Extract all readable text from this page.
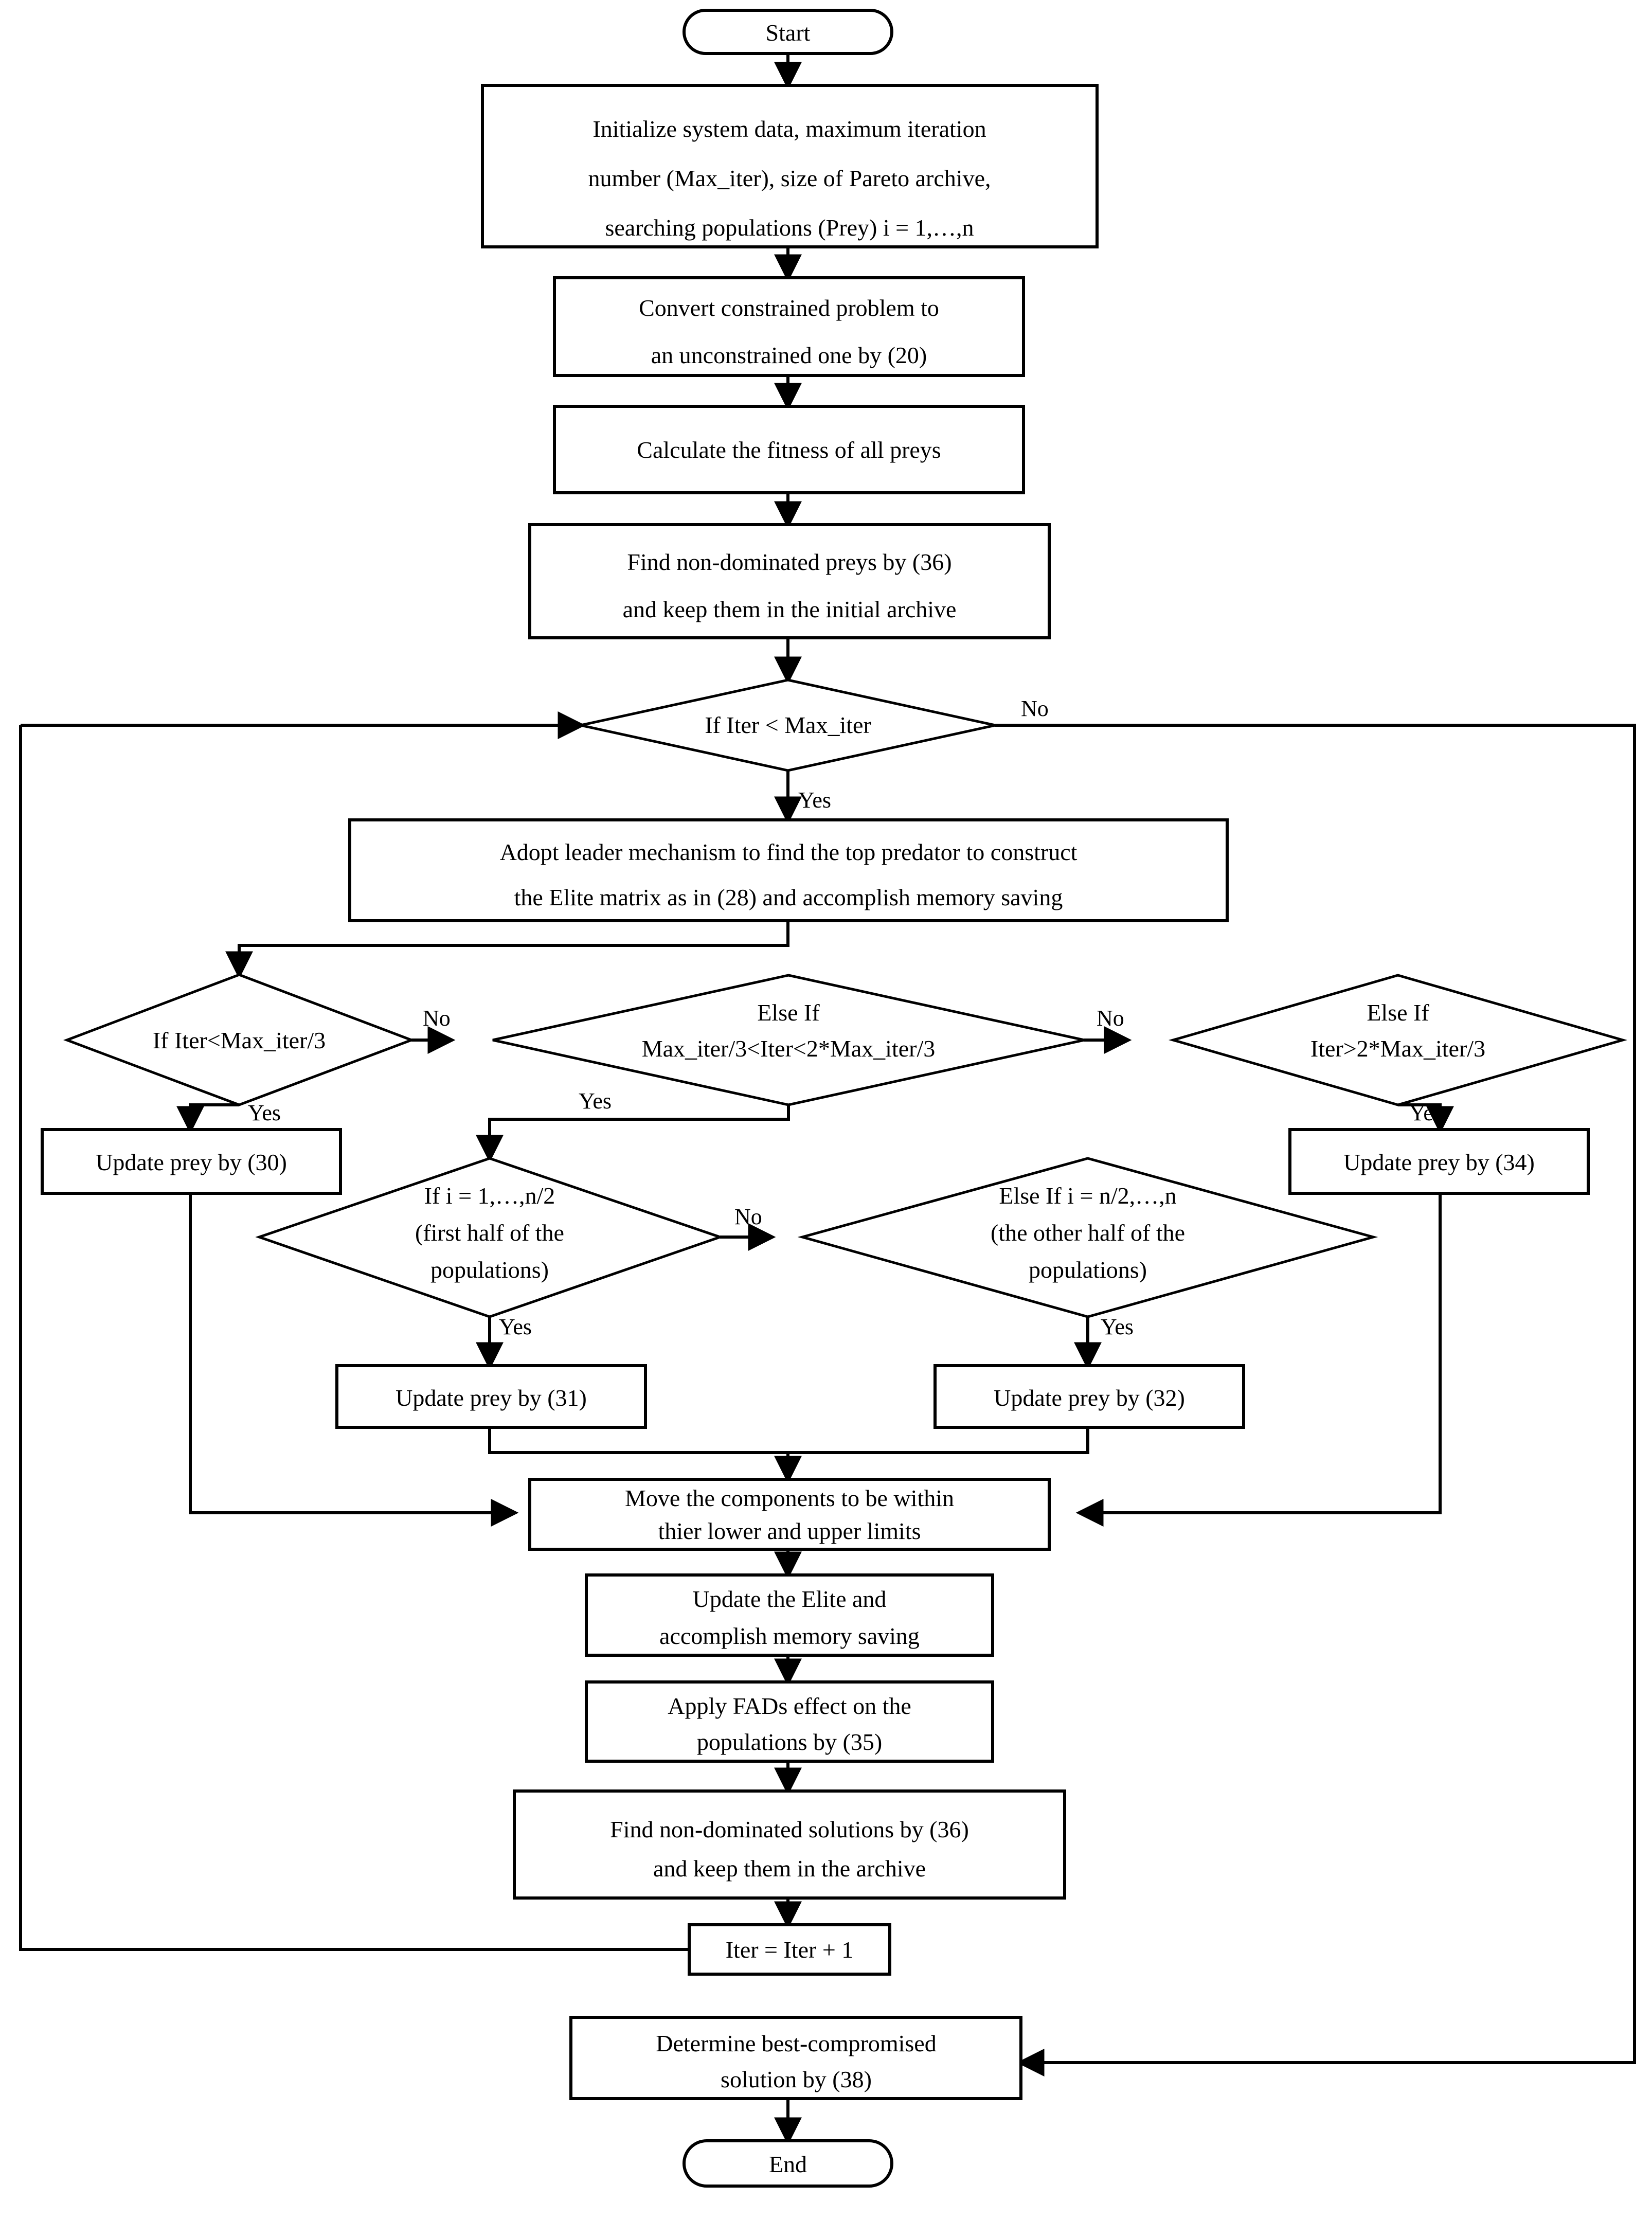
Start
Initialize system data, maximum iteration
number (Max_iter), size of Pareto archive,
searching populations (Prey) i = 1,…,n
Convert constrained problem to
an unconstrained one by (20)
Calculate the fitness of all preys
Find non-dominated preys by (36)
and keep them in the initial archive
If Iter < Max_iter
No
Yes
Adopt leader mechanism to find the top predator to construct
the Elite matrix as in (28) and accomplish memory saving
If Iter<Max_iter/3
No
Yes
Else If
Max_iter/3<Iter<2*Max_iter/3
No
Yes
Else If
Iter>2*Max_iter/3
Yes
Update prey by (30)	Update prey by (34)
If i = 1,…,n/2
(first half of the
populations)
No
Yes
Else If i = n/2,…,n
(the other half of the
populations)
Yes
Update prey by (31)	Update prey by (32)
Move the components to be within
thier lower and upper limits
Update the Elite and
accomplish memory saving
Apply FADs effect on the
populations by (35)
Find non-dominated solutions by (36)
and keep them in the archive
Iter = Iter + 1
Determine best-compromised
solution by (38)
End
